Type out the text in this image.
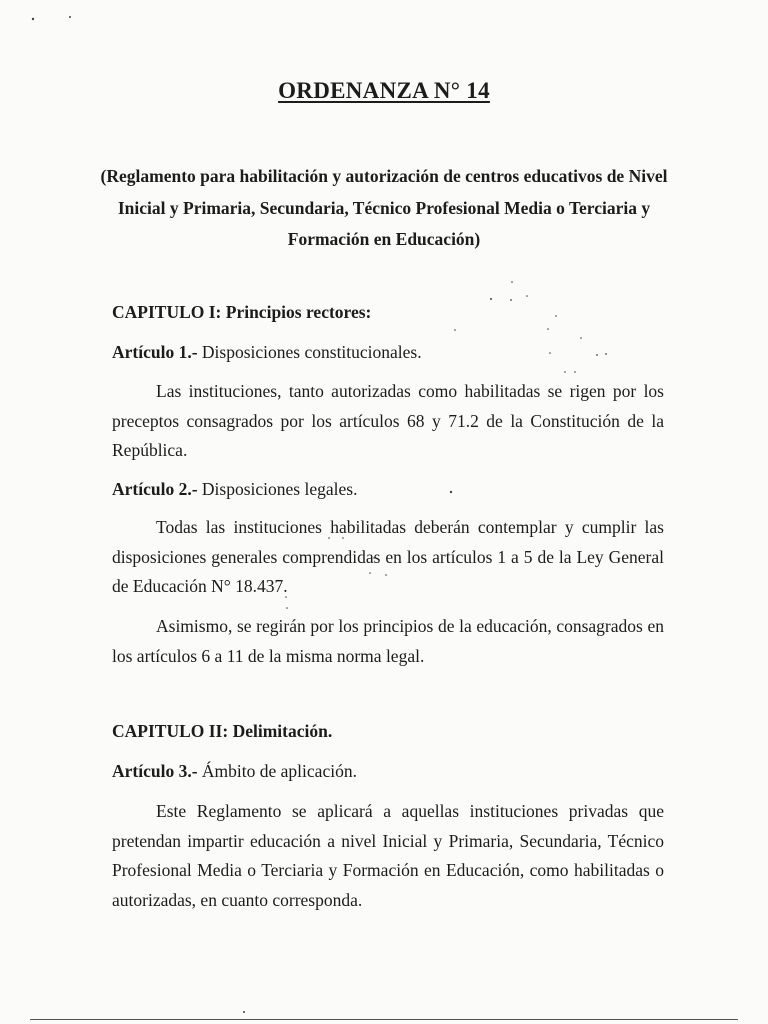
ORDENANZA N° 14
(Reglamento para habilitación y autorización de centros educativos de Nivel Inicial y Primaria, Secundaria, Técnico Profesional Media o Terciaria y Formación en Educación)
CAPITULO I: Principios rectores:
Artículo 1.- Disposiciones constitucionales.
Las instituciones, tanto autorizadas como habilitadas se rigen por los preceptos consagrados por los artículos 68 y 71.2 de la Constitución de la República.
Artículo 2.- Disposiciones legales.
Todas las instituciones habilitadas deberán contemplar y cumplir las disposiciones generales comprendidas en los artículos 1 a 5 de la Ley General de Educación N° 18.437.
Asimismo, se regirán por los principios de la educación, consagrados en los artículos 6 a 11 de la misma norma legal.
CAPITULO II: Delimitación.
Artículo 3.- Ámbito de aplicación.
Este Reglamento se aplicará a aquellas instituciones privadas que pretendan impartir educación a nivel Inicial y Primaria, Secundaria, Técnico Profesional Media o Terciaria y Formación en Educación, como habilitadas o autorizadas, en cuanto corresponda.
